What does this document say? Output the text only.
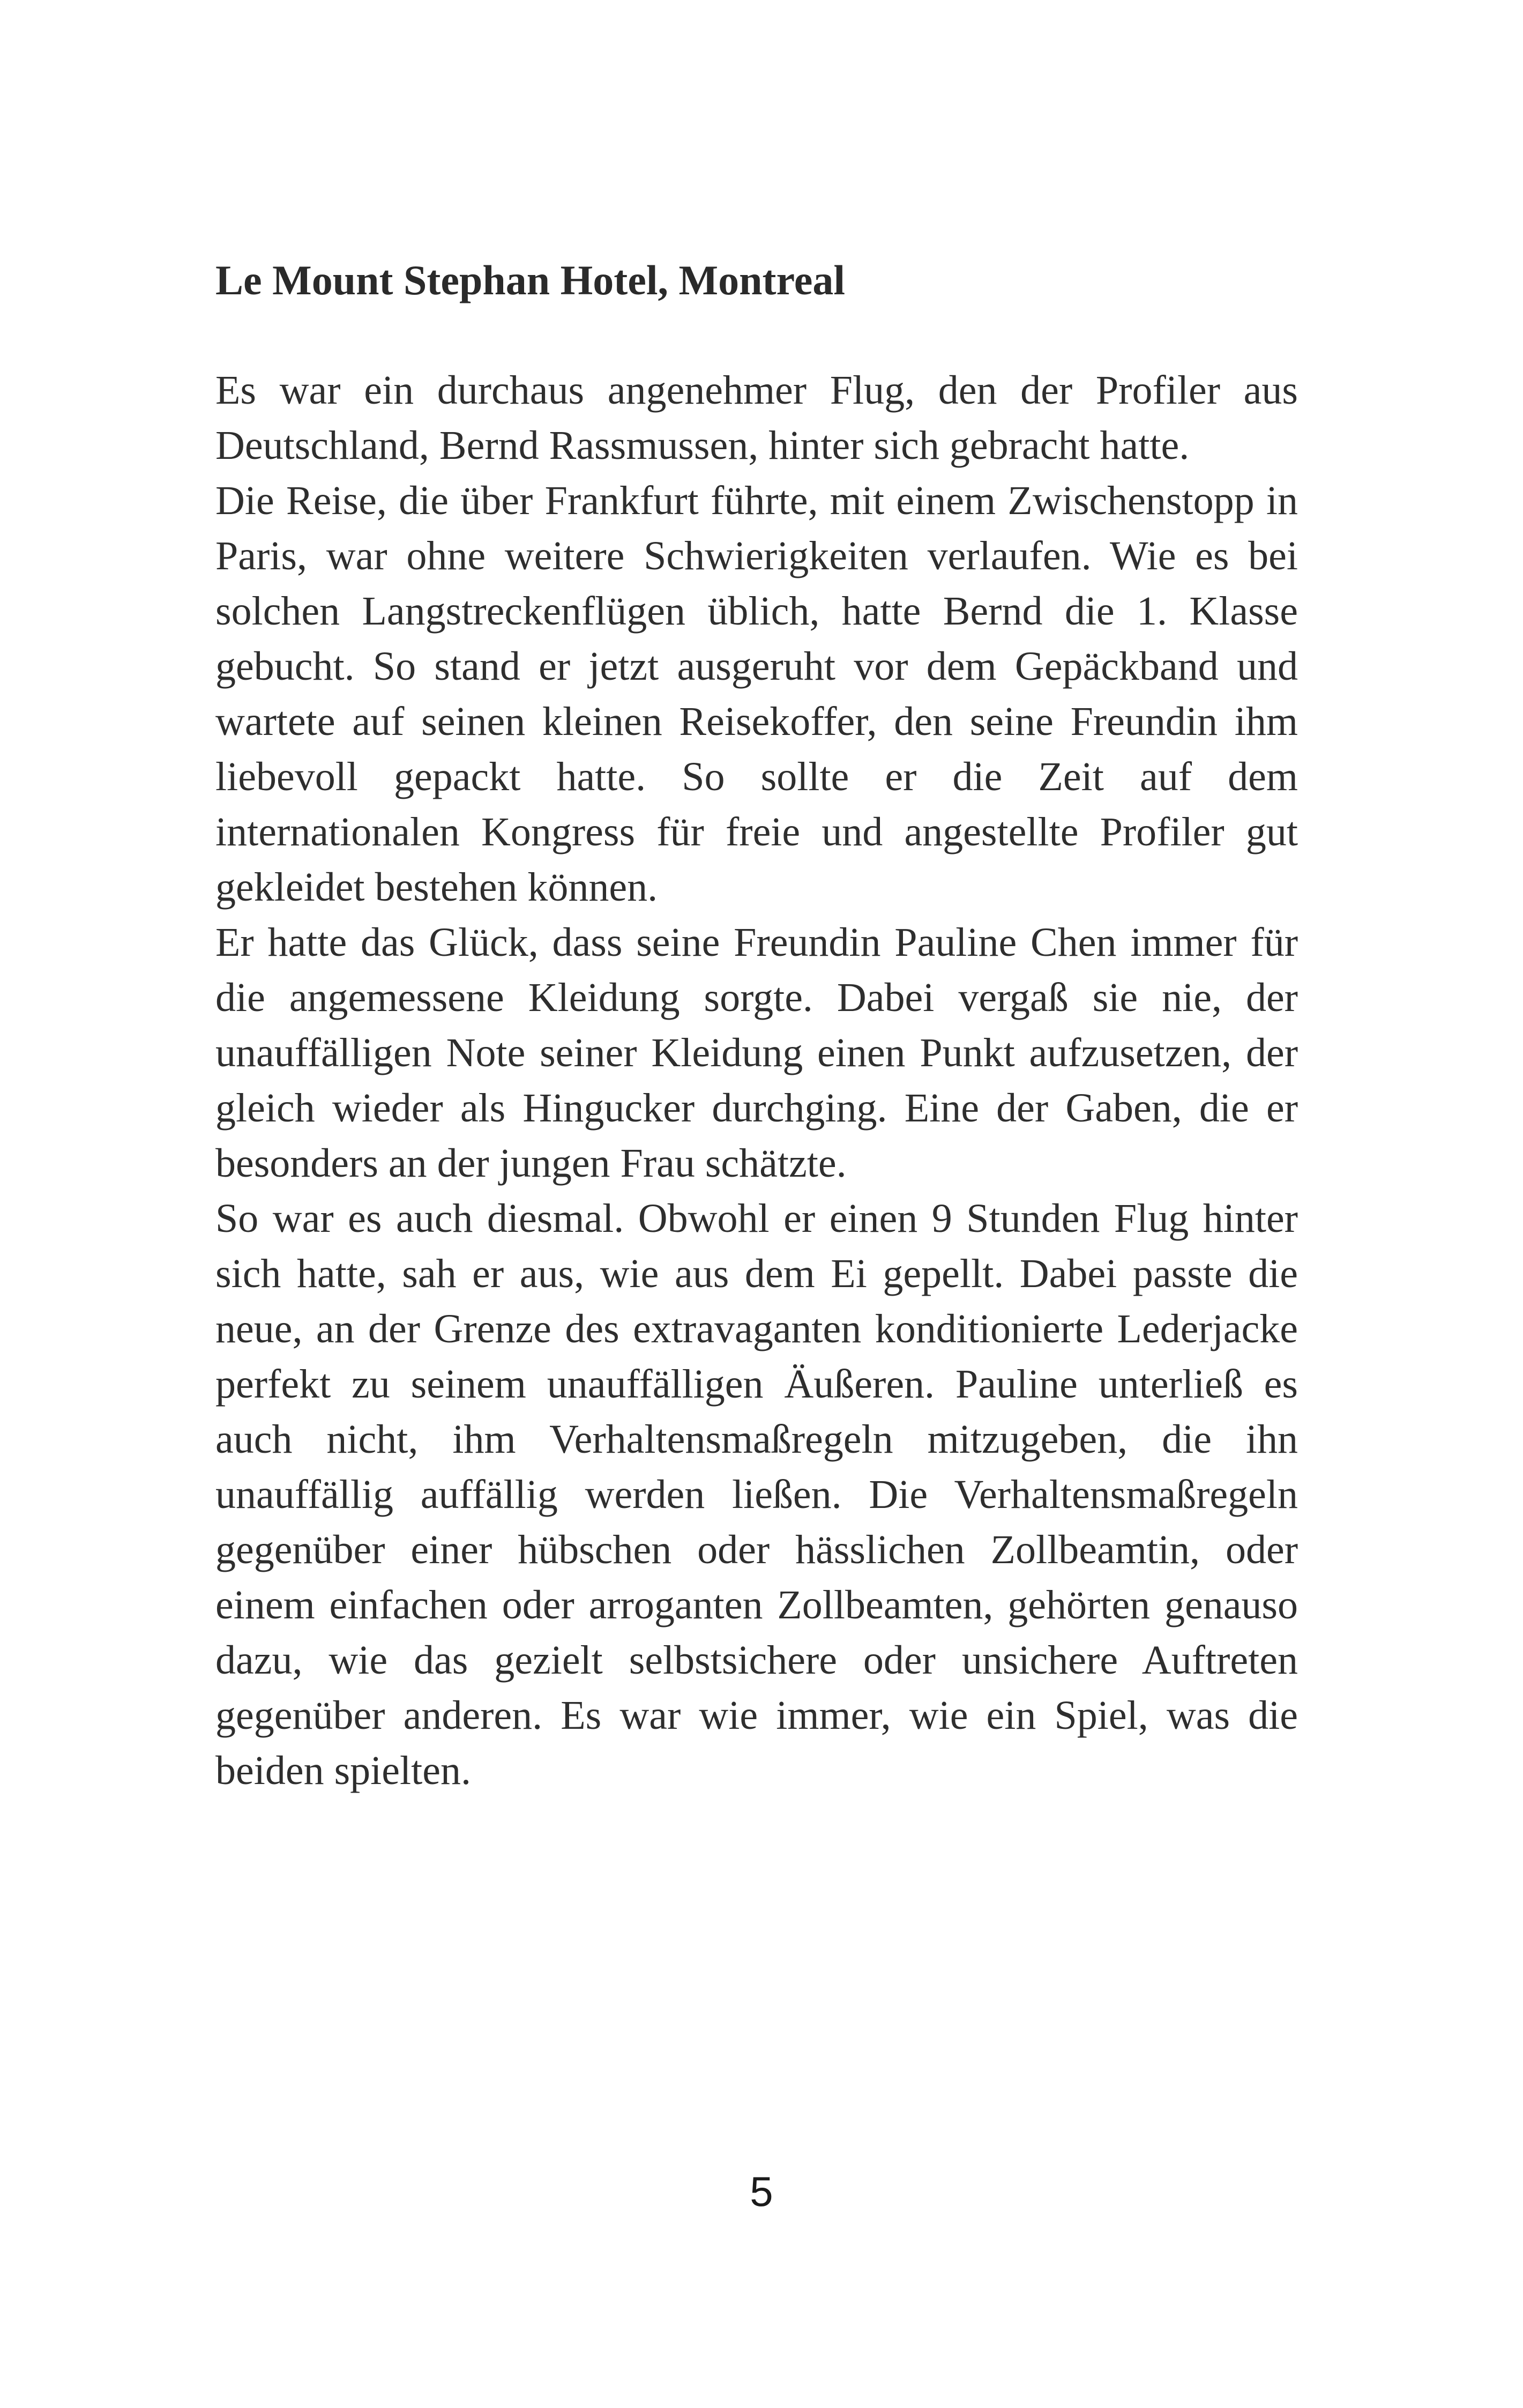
Le Mount Stephan Hotel, Montreal

Es war ein durchaus angenehmer Flug, den der Profiler aus Deutschland, Bernd Rassmussen, hinter sich gebracht hatte.

Die Reise, die über Frankfurt führte, mit einem Zwischenstopp in Paris, war ohne weitere Schwierigkeiten verlaufen. Wie es bei solchen Langstreckenflügen üblich, hatte Bernd die 1. Klasse gebucht. So stand er jetzt ausgeruht vor dem Gepäckband und wartete auf seinen kleinen Reisekoffer, den seine Freundin ihm liebevoll gepackt hatte. So sollte er die Zeit auf dem internationalen Kongress für freie und angestellte Profiler gut gekleidet bestehen können.

Er hatte das Glück, dass seine Freundin Pauline Chen immer für die angemessene Kleidung sorgte. Dabei vergaß sie nie, der unauffälligen Note seiner Kleidung einen Punkt aufzusetzen, der gleich wieder als Hingucker durchging. Eine der Gaben, die er besonders an der jungen Frau schätzte.

So war es auch diesmal. Obwohl er einen 9 Stunden Flug hinter sich hatte, sah er aus, wie aus dem Ei gepellt. Dabei passte die neue, an der Grenze des extravaganten konditionierte Lederjacke perfekt zu seinem unauffälligen Äußeren. Pauline unterließ es auch nicht, ihm Verhaltensmaßregeln mitzugeben, die ihn unauffällig auffällig werden ließen. Die Verhaltensmaßregeln gegenüber einer hübschen oder hässlichen Zollbeamtin, oder einem einfachen oder arroganten Zollbeamten, gehörten genauso dazu, wie das gezielt selbstsichere oder unsichere Auftreten gegenüber anderen. Es war wie immer, wie ein Spiel, was die beiden spielten.

5
